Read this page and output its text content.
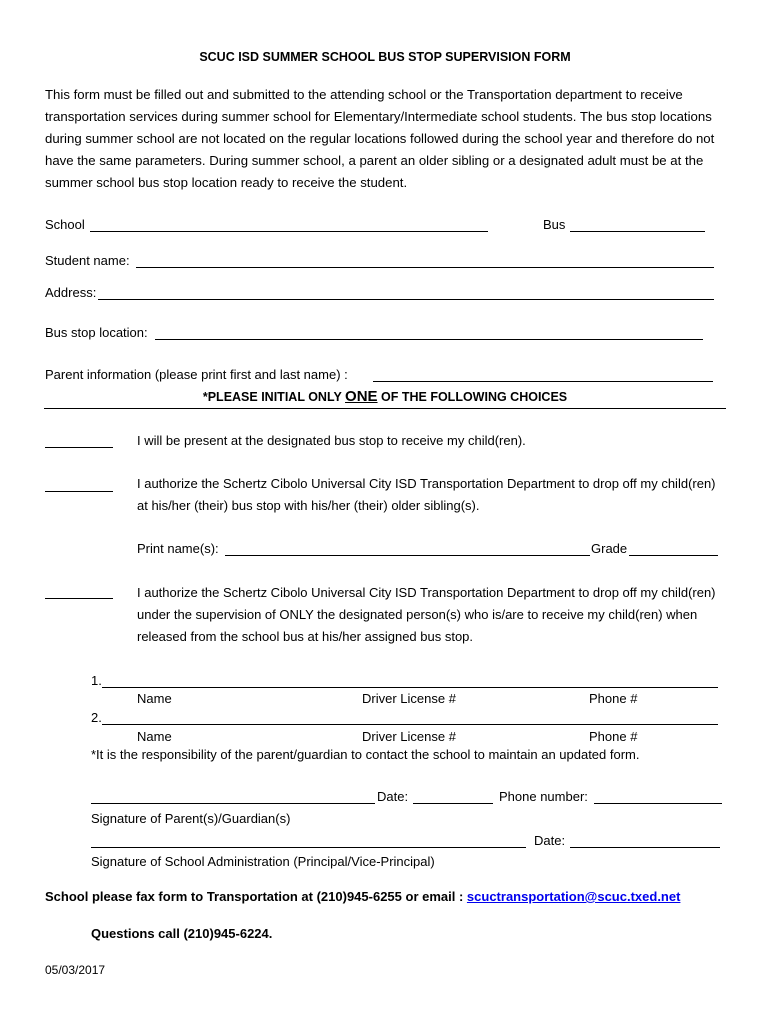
SCUC ISD SUMMER SCHOOL BUS STOP SUPERVISION FORM
This form must be filled out and submitted to the attending school or the Transportation department to receive transportation services during summer school for Elementary/Intermediate school students. The bus stop locations during summer school are not located on the regular locations followed during the school year and therefore do not have the same parameters. During summer school, a parent an older sibling or a designated adult must be at the summer school bus stop location ready to receive the student.
School	Bus
Student name:
Address:
Bus stop location:
Parent information (please print first and last name) :
*PLEASE INITIAL ONLY ONE OF THE FOLLOWING CHOICES
I will be present at the designated bus stop to receive my child(ren).
I authorize the Schertz Cibolo Universal City ISD Transportation Department to drop off my child(ren) at his/her (their) bus stop with his/her (their) older sibling(s).
Print name(s):	Grade
I authorize the Schertz Cibolo Universal City ISD Transportation Department to drop off my child(ren) under the supervision of ONLY the designated person(s) who is/are to receive my child(ren) when released from the school bus at his/her assigned bus stop.
1.
Name	Driver License #	Phone #
2.
Name	Driver License #	Phone #
*It is the responsibility of the parent/guardian to contact the school to maintain an updated form.
Date:	Phone number:
Signature of Parent(s)/Guardian(s)
Date:
Signature of School Administration (Principal/Vice-Principal)
School please fax form to Transportation at (210)945-6255 or email : scuctransportation@scuc.txed.net
Questions call (210)945-6224.
05/03/2017
